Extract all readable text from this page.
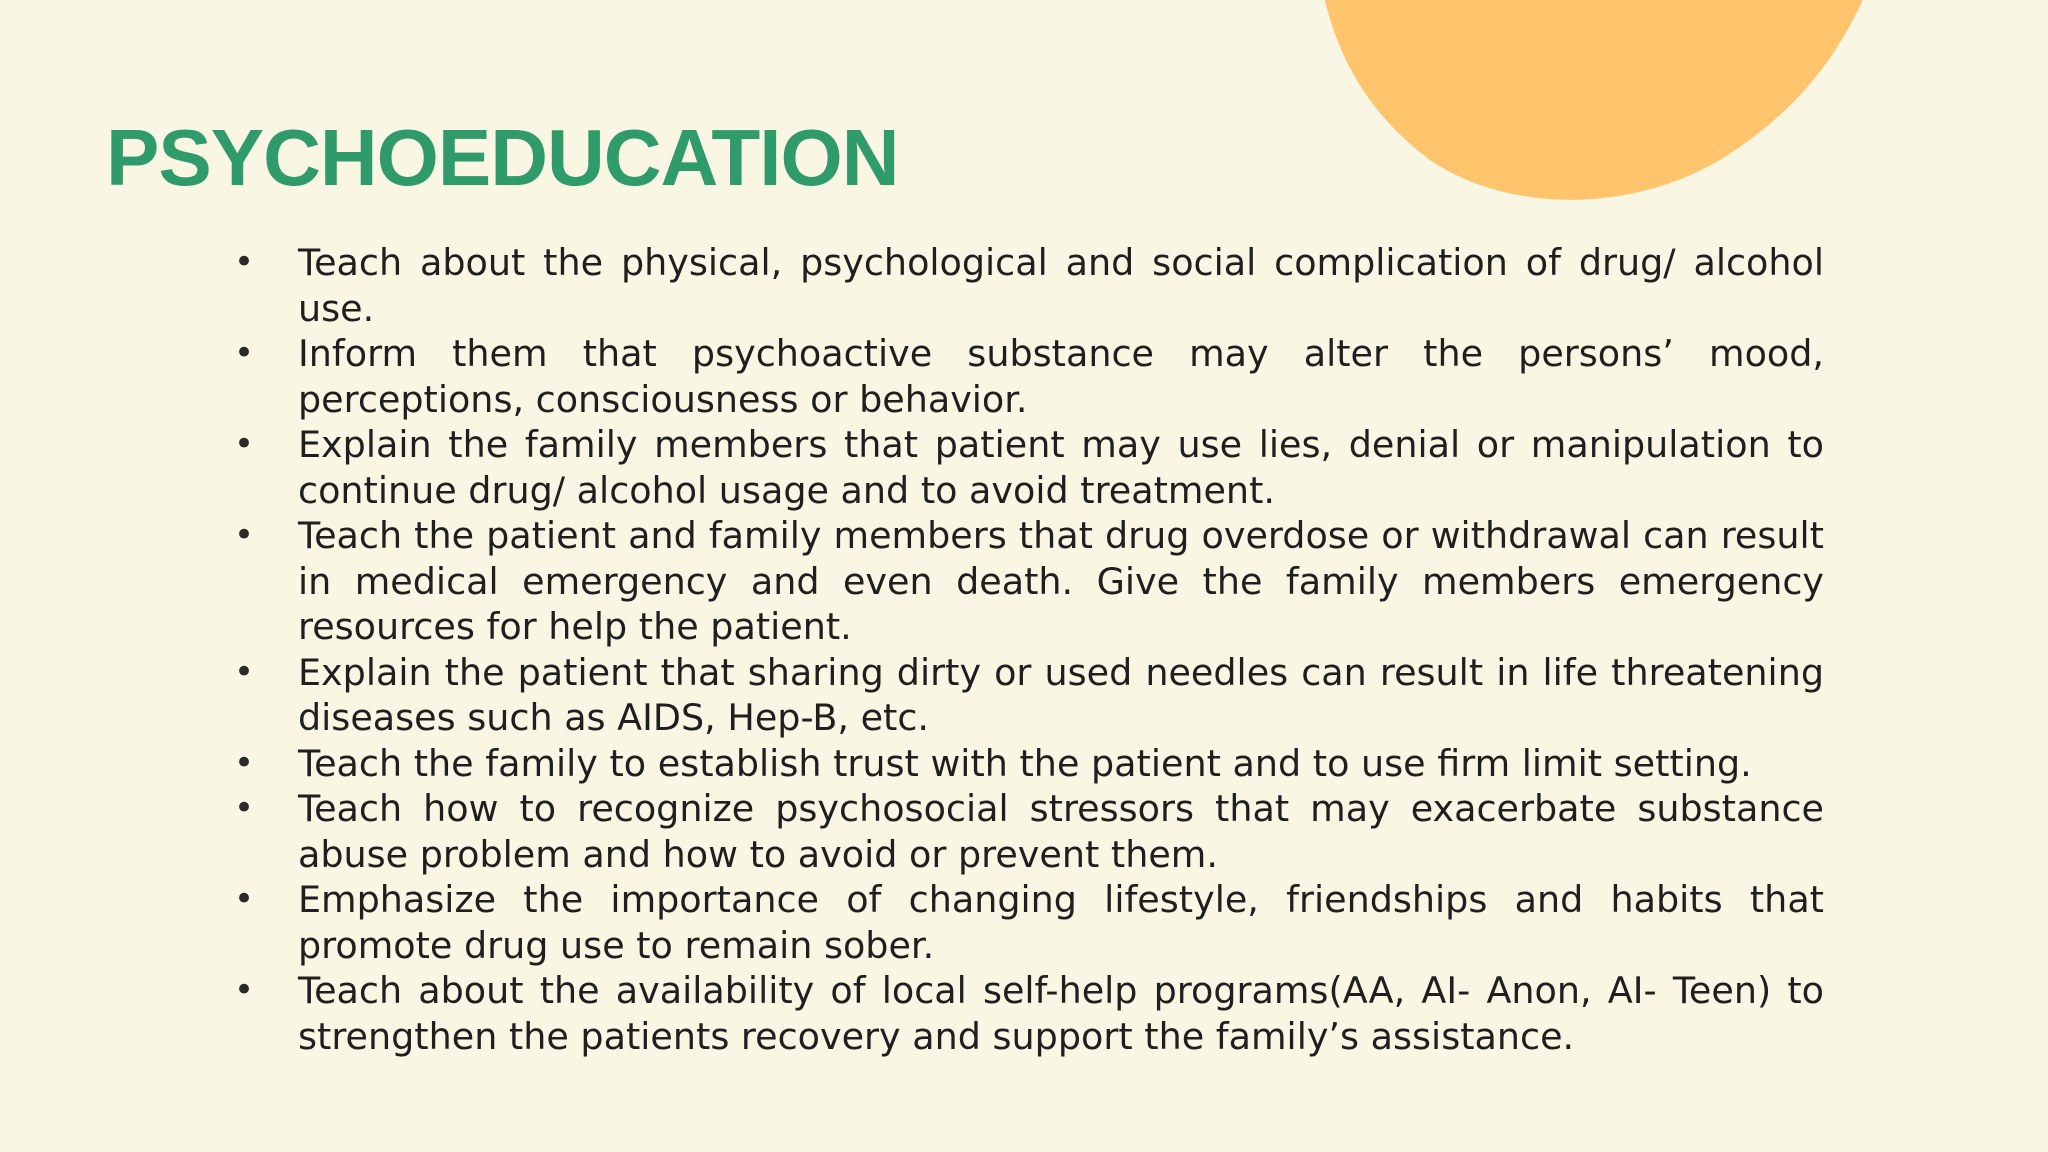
PSYCHOEDUCATION
• Teach about the physical, psychological and social complication of drug/ alcohol use.
• Inform them that psychoactive substance may alter the persons’ mood, perceptions, consciousness or behavior.
• Explain the family members that patient may use lies, denial or manipulation to continue drug/ alcohol usage and to avoid treatment.
• Teach the patient and family members that drug overdose or withdrawal can result in medical emergency and even death. Give the family members emergency resources for help the patient.
• Explain the patient that sharing dirty or used needles can result in life threatening diseases such as AIDS, Hep-B, etc.
• Teach the family to establish trust with the patient and to use firm limit setting.
• Teach how to recognize psychosocial stressors that may exacerbate substance abuse problem and how to avoid or prevent them.
• Emphasize the importance of changing lifestyle, friendships and habits that promote drug use to remain sober.
• Teach about the availability of local self-help programs(AA, AI- Anon, AI- Teen) to strengthen the patients recovery and support the family’s assistance.
